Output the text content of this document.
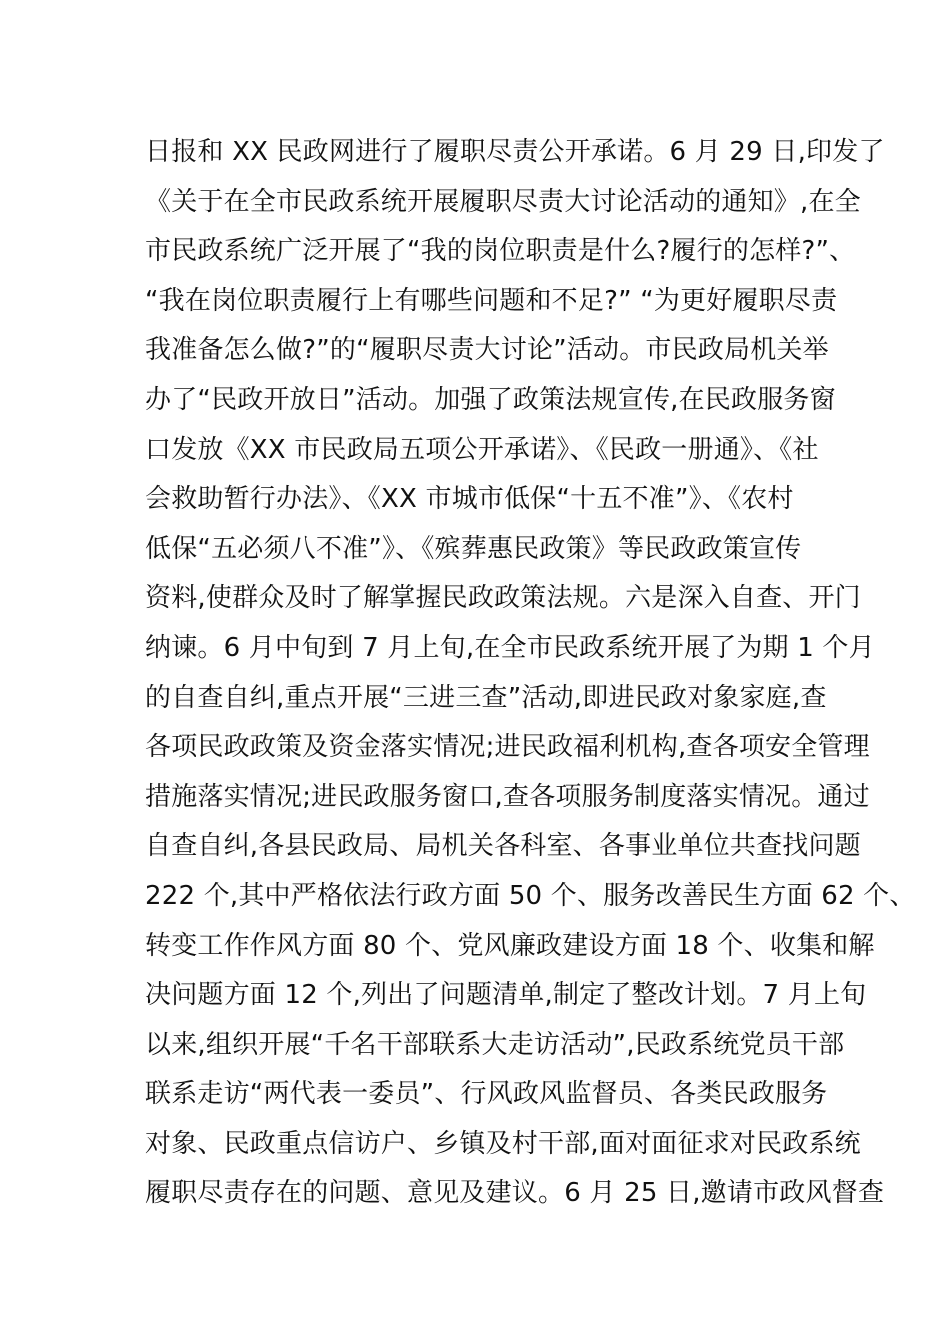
日报和 XX 民政网进行了履职尽责公开承诺。6 月 29 日,印发了
《关于在全市民政系统开展履职尽责大讨论活动的通知》,在全
市民政系统广泛开展了“我的岗位职责是什么?履行的怎样?”、
“我在岗位职责履行上有哪些问题和不足?” “为更好履职尽责
我准备怎么做?”的“履职尽责大讨论”活动。市民政局机关举
办了“民政开放日”活动。加强了政策法规宣传,在民政服务窗
口发放《XX 市民政局五项公开承诺》、《民政一册通》、《社
会救助暂行办法》、《XX 市城市低保“十五不准”》、《农村
低保“五必须八不准”》、《殡葬惠民政策》等民政政策宣传
资料,使群众及时了解掌握民政政策法规。六是深入自查、开门
纳谏。6 月中旬到 7 月上旬,在全市民政系统开展了为期 1 个月
的自查自纠,重点开展“三进三查”活动,即进民政对象家庭,查
各项民政政策及资金落实情况;进民政福利机构,查各项安全管理
措施落实情况;进民政服务窗口,查各项服务制度落实情况。通过
自查自纠,各县民政局、局机关各科室、各事业单位共查找问题
222 个,其中严格依法行政方面 50 个、服务改善民生方面 62 个、
转变工作作风方面 80 个、党风廉政建设方面 18 个、收集和解
决问题方面 12 个,列出了问题清单,制定了整改计划。7 月上旬
以来,组织开展“千名干部联系大走访活动”,民政系统党员干部
联系走访“两代表一委员”、行风政风监督员、各类民政服务
对象、民政重点信访户、乡镇及村干部,面对面征求对民政系统
履职尽责存在的问题、意见及建议。6 月 25 日,邀请市政风督查
